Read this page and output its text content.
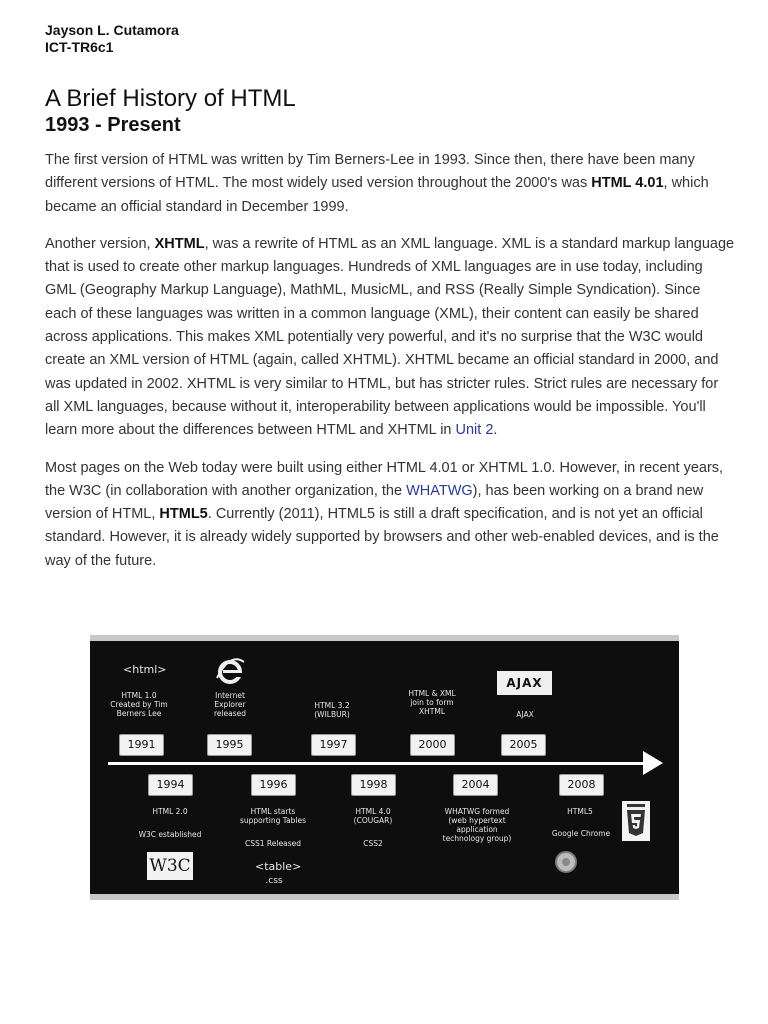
Jayson L. Cutamora
ICT-TR6c1
A Brief History of HTML
1993 - Present

The first version of HTML was written by Tim Berners-Lee in 1993. Since then, there have been many different versions of HTML. The most widely used version throughout the 2000's was HTML 4.01, which became an official standard in December 1999.

Another version, XHTML, was a rewrite of HTML as an XML language. XML is a standard markup language that is used to create other markup languages. Hundreds of XML languages are in use today, including GML (Geography Markup Language), MathML, MusicML, and RSS (Really Simple Syndication). Since each of these languages was written in a common language (XML), their content can easily be shared across applications. This makes XML potentially very powerful, and it's no surprise that the W3C would create an XML version of HTML (again, called XHTML). XHTML became an official standard in 2000, and was updated in 2002. XHTML is very similar to HTML, but has stricter rules. Strict rules are necessary for all XML languages, because without it, interoperability between applications would be impossible. You'll learn more about the differences between HTML and XHTML in Unit 2.

Most pages on the Web today were built using either HTML 4.01 or XHTML 1.0. However, in recent years, the W3C (in collaboration with another organization, the WHATWG), has been working on a brand new version of HTML, HTML5. Currently (2011), HTML5 is still a draft specification, and is not yet an official standard. However, it is already widely supported by browsers and other web-enabled devices, and is the way of the future.

<html>
AJAX
HTML 1.0
Created by Tim
Berners Lee
Internet
Explorer
released
HTML 3.2
(WILBUR)
HTML & XML
join to form
XHTML	AJAX
1991	1995	1997	2000	2005
1994	1996	1998	2004	2008
HTML 2.0
W3C established
HTML starts
supporting Tables
CSS1 Released
<table>
.css
HTML 4.0
(COUGAR)
CSS2
WHATWG formed
(web hypertext
application
technology group)
HTML5
Google Chrome
W3C
